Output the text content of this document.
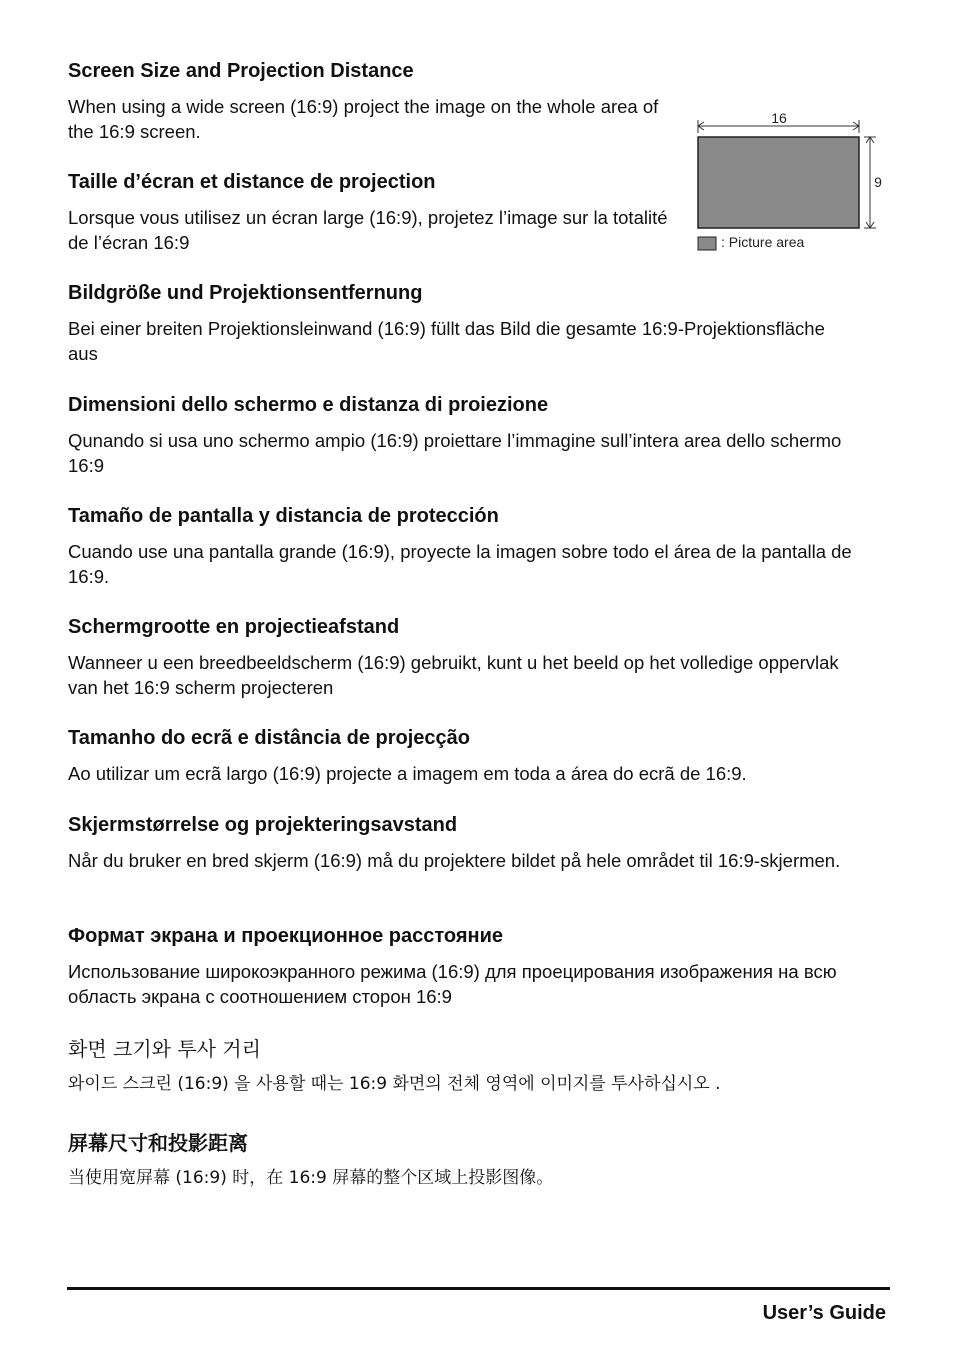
Screen Size and Projection Distance

When using a wide screen (16:9) project the image on the whole area of the 16:9 screen.

Taille d’écran et distance de projection

Lorsque vous utilisez un écran large (16:9), projetez l’image sur la totalité de l’écran 16:9

16
9
: Picture area
Bildgröße und Projektionsentfernung

Bei einer breiten Projektionsleinwand (16:9) füllt das Bild die gesamte 16:9-Projektionsfläche aus

Dimensioni dello schermo e distanza di proiezione

Qunando si usa uno schermo ampio (16:9) proiettare l’immagine sull’intera area dello schermo 16:9

Tamaño de pantalla y distancia de protección

Cuando use una pantalla grande (16:9), proyecte la imagen sobre todo el área de la pantalla de 16:9.

Schermgrootte en projectieafstand

Wanneer u een breedbeeldscherm (16:9) gebruikt, kunt u het beeld op het volledige oppervlak van het 16:9 scherm projecteren

Tamanho do ecrã e distância de projecção

Ao utilizar um ecrã largo (16:9) projecte a imagem em toda a área do ecrã de 16:9.

Skjermstørrelse og projekteringsavstand

Når du bruker en bred skjerm (16:9) må du projektere bildet på hele området til 16:9-skjermen.

Формат экрана и проекционное расстояние

Использование широкоэкранного режима (16:9) для проецирования изображения на всю область экрана с соотношением сторон 16:9

화면 크기와 투사 거리

와이드 스크린 (16:9) 을 사용할 때는 16:9 화면의 전체 영역에 이미지를 투사하십시오 .

屏幕尺寸和投影距离

当使用宽屏幕 (16:9) 时，在 16:9 屏幕的整个区域上投影图像。

User’s Guide
